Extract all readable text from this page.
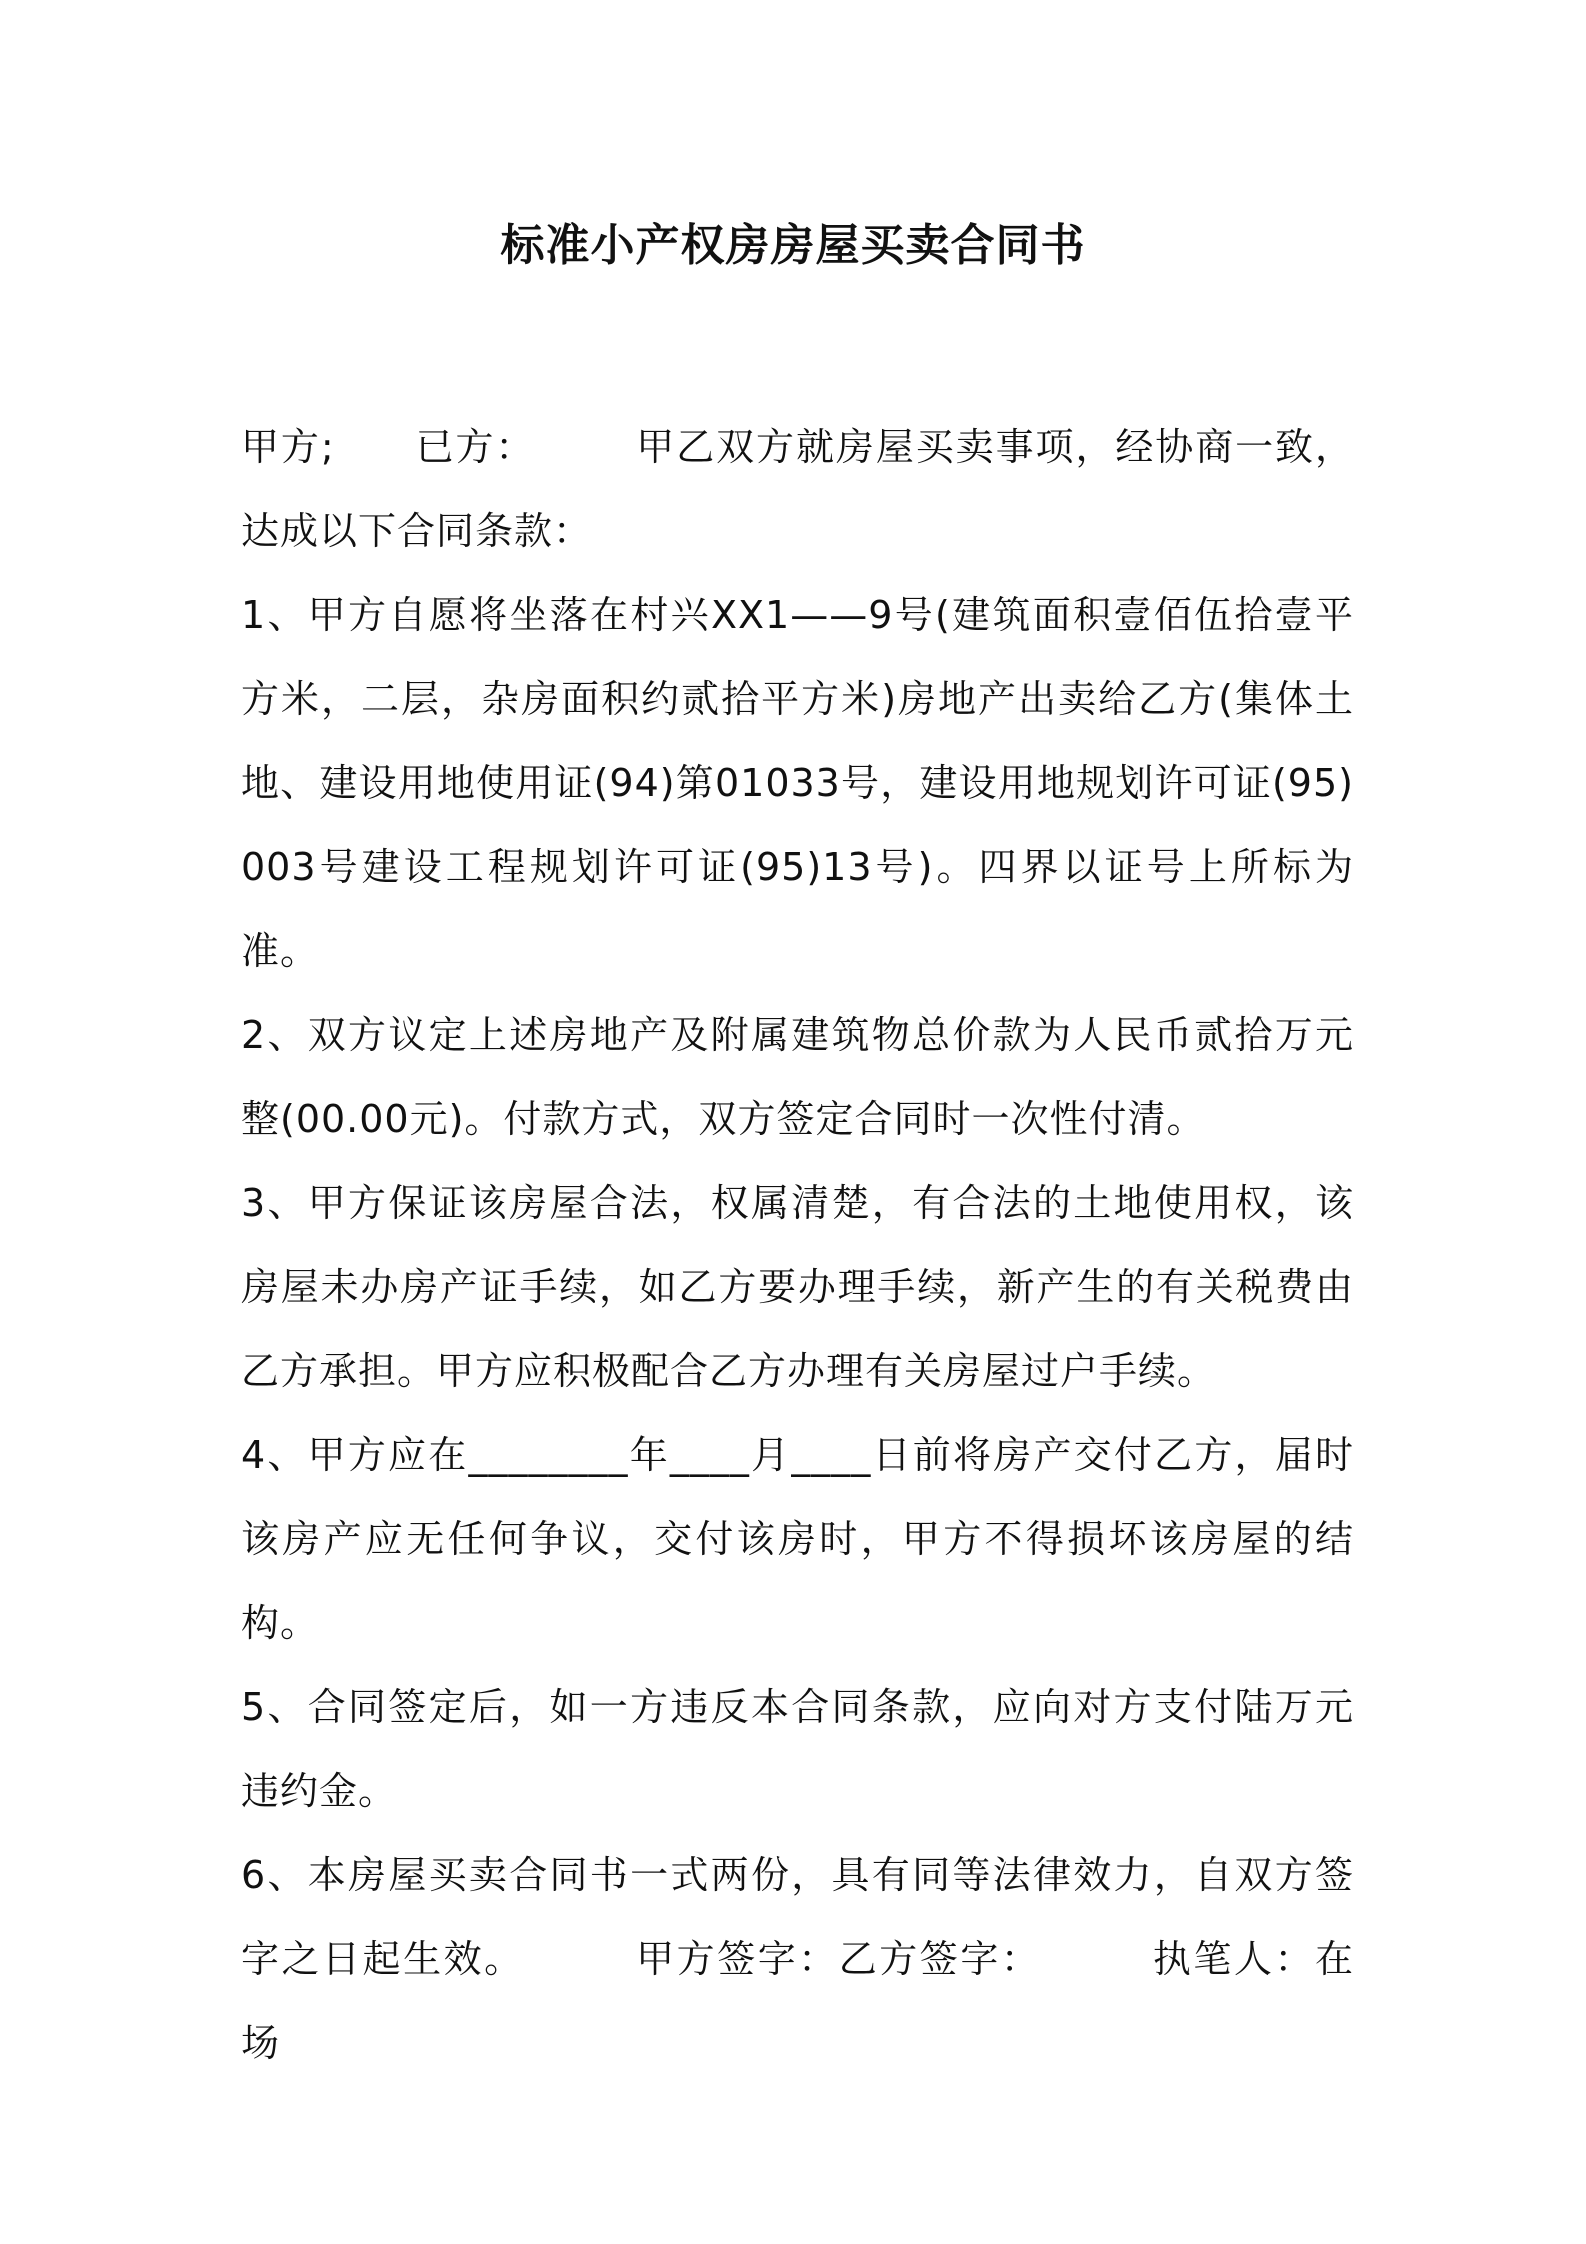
标准小产权房房屋买卖合同书

甲方; 已方：	甲乙双方就房屋买卖事项，经协商一致，达成以下合同条款：

1、甲方自愿将坐落在村兴XX1——9号(建筑面积壹佰伍拾壹平方米，二层，杂房面积约贰拾平方米)房地产出卖给乙方(集体土地、建设用地使用证(94)第01033号，建设用地规划许可证(95)003号建设工程规划许可证(95)13号)。四界以证号上所标为准。

2、双方议定上述房地产及附属建筑物总价款为人民币贰拾万元整(00.00元)。付款方式，双方签定合同时一次性付清。

3、甲方保证该房屋合法，权属清楚，有合法的土地使用权，该房屋未办房产证手续，如乙方要办理手续，新产生的有关税费由乙方承担。甲方应积极配合乙方办理有关房屋过户手续。

4、甲方应在________年____月____日前将房产交付乙方，届时该房产应无任何争议，交付该房时，甲方不得损坏该房屋的结构。

5、合同签定后，如一方违反本合同条款，应向对方支付陆万元违约金。

6、本房屋买卖合同书一式两份，具有同等法律效力，自双方签字之日起生效。	甲方签字：乙方签字：	执笔人：在场
